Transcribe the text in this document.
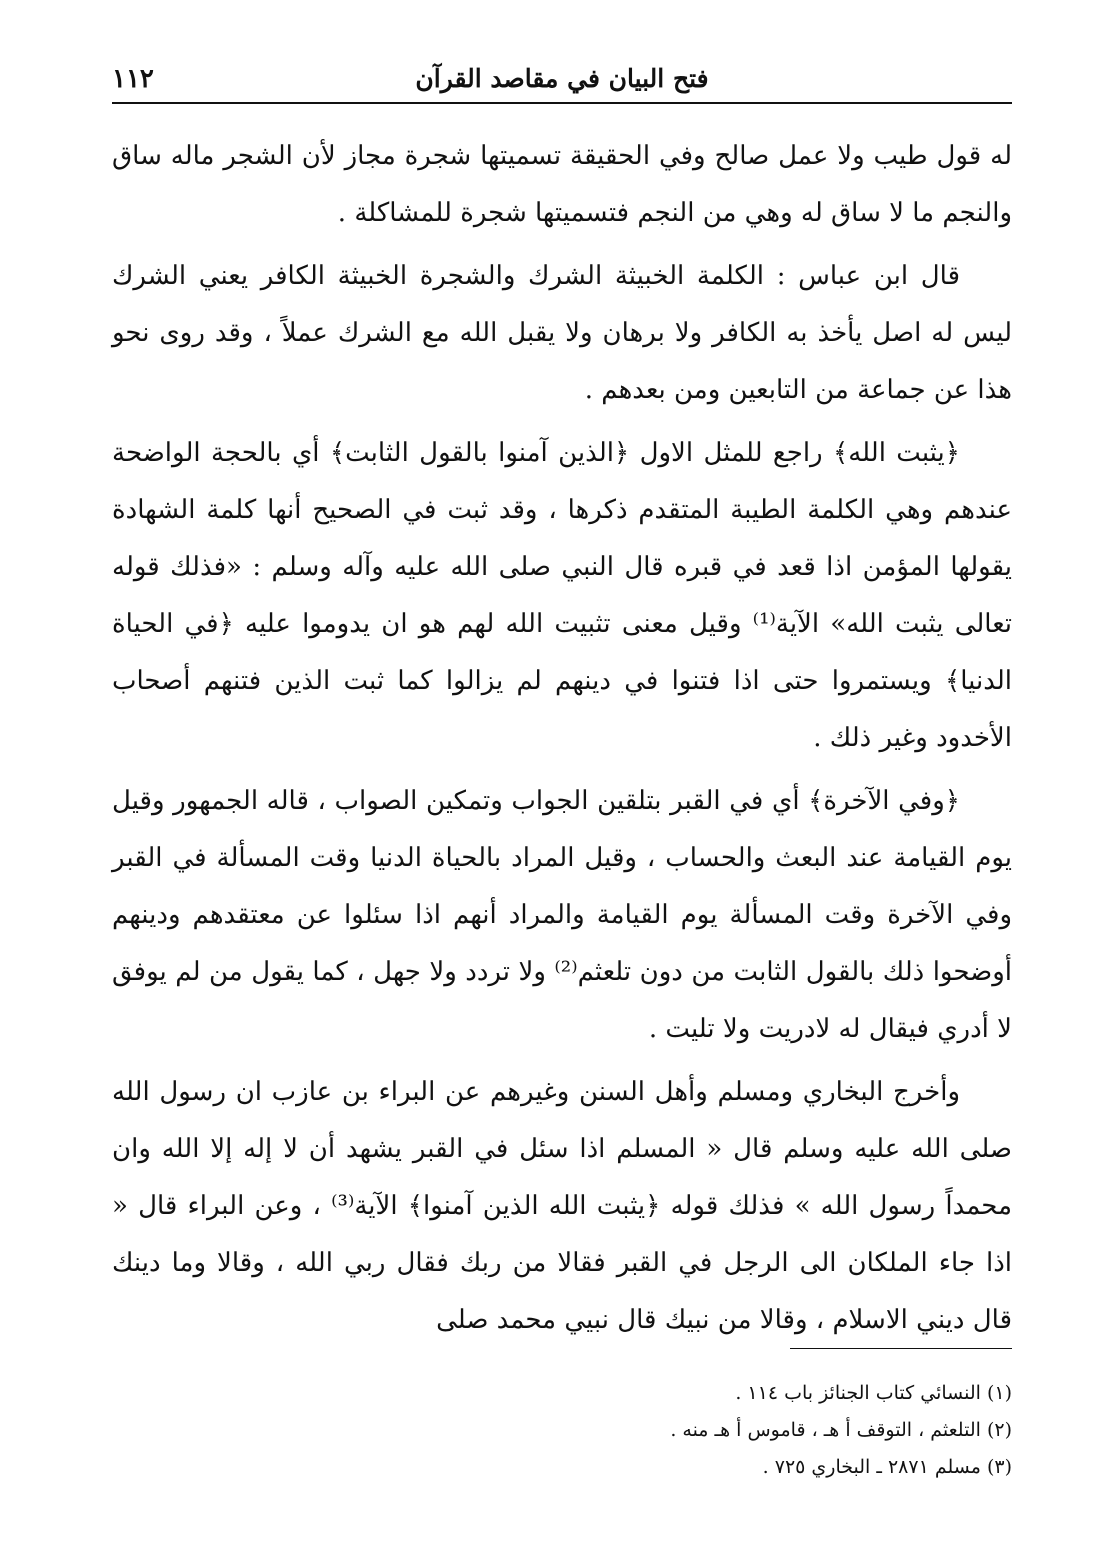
١١٢	فتح البيان في مقاصد القرآن

له قول طيب ولا عمل صالح وفي الحقيقة تسميتها شجرة مجاز لأن الشجر ماله ساق والنجم ما لا ساق له وهي من النجم فتسميتها شجرة للمشاكلة .

قال ابن عباس : الكلمة الخبيثة الشرك والشجرة الخبيثة الكافر يعني الشرك ليس له اصل يأخذ به الكافر ولا برهان ولا يقبل الله مع الشرك عملاً ، وقد روى نحو هذا عن جماعة من التابعين ومن بعدهم .

﴿يثبت الله﴾ راجع للمثل الاول ﴿الذين آمنوا بالقول الثابت﴾ أي بالحجة الواضحة عندهم وهي الكلمة الطيبة المتقدم ذكرها ، وقد ثبت في الصحيح أنها كلمة الشهادة يقولها المؤمن اذا قعد في قبره قال النبي صلى الله عليه وآله وسلم : «فذلك قوله تعالى يثبت الله» الآية⁽¹⁾ وقيل معنى تثبيت الله لهم هو ان يدوموا عليه ﴿في الحياة الدنيا﴾ ويستمروا حتى اذا فتنوا في دينهم لم يزالوا كما ثبت الذين فتنهم أصحاب الأخدود وغير ذلك .

﴿وفي الآخرة﴾ أي في القبر بتلقين الجواب وتمكين الصواب ، قاله الجمهور وقيل يوم القيامة عند البعث والحساب ، وقيل المراد بالحياة الدنيا وقت المسألة في القبر وفي الآخرة وقت المسألة يوم القيامة والمراد أنهم اذا سئلوا عن معتقدهم ودينهم أوضحوا ذلك بالقول الثابت من دون تلعثم⁽²⁾ ولا تردد ولا جهل ، كما يقول من لم يوفق لا أدري فيقال له لادريت ولا تليت .

وأخرج البخاري ومسلم وأهل السنن وغيرهم عن البراء بن عازب ان رسول الله صلى الله عليه وسلم قال « المسلم اذا سئل في القبر يشهد أن لا إله إلا الله وان محمداً رسول الله » فذلك قوله ﴿يثبت الله الذين آمنوا﴾ الآية⁽³⁾ ، وعن البراء قال « اذا جاء الملكان الى الرجل في القبر فقالا من ربك فقال ربي الله ، وقالا وما دينك قال ديني الاسلام ، وقالا من نبيك قال نبيي محمد صلى

(١) النسائي كتاب الجنائز باب ١١٤ .
(٢) التلعثم ، التوقف أ هـ ، قاموس أ هـ منه .
(٣) مسلم ٢٨٧١ ـ البخاري ٧٢٥ .
